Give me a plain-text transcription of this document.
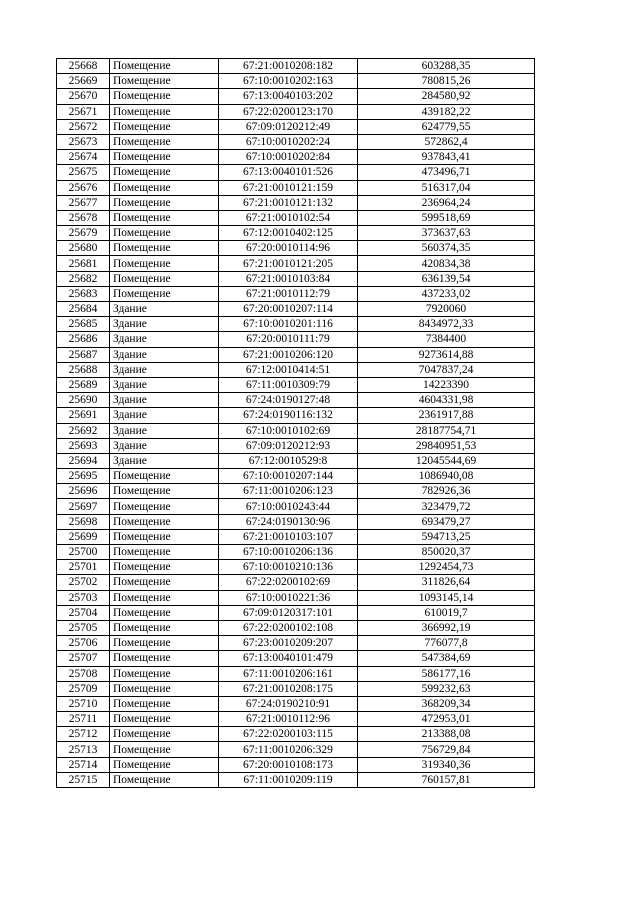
25668	Помещение	67:21:0010208:182	603288,35
25669	Помещение	67:10:0010202:163	780815,26
25670	Помещение	67:13:0040103:202	284580,92
25671	Помещение	67:22:0200123:170	439182,22
25672	Помещение	67:09:0120212:49	624779,55
25673	Помещение	67:10:0010202:24	572862,4
25674	Помещение	67:10:0010202:84	937843,41
25675	Помещение	67:13:0040101:526	473496,71
25676	Помещение	67:21:0010121:159	516317,04
25677	Помещение	67:21:0010121:132	236964,24
25678	Помещение	67:21:0010102:54	599518,69
25679	Помещение	67:12:0010402:125	373637,63
25680	Помещение	67:20:0010114:96	560374,35
25681	Помещение	67:21:0010121:205	420834,38
25682	Помещение	67:21:0010103:84	636139,54
25683	Помещение	67:21:0010112:79	437233,02
25684	Здание	67:20:0010207:114	7920060
25685	Здание	67:10:0010201:116	8434972,33
25686	Здание	67:20:0010111:79	7384400
25687	Здание	67:21:0010206:120	9273614,88
25688	Здание	67:12:0010414:51	7047837,24
25689	Здание	67:11:0010309:79	14223390
25690	Здание	67:24:0190127:48	4604331,98
25691	Здание	67:24:0190116:132	2361917,88
25692	Здание	67:10:0010102:69	28187754,71
25693	Здание	67:09:0120212:93	29840951,53
25694	Здание	67:12:0010529:8	12045544,69
25695	Помещение	67:10:0010207:144	1086940,08
25696	Помещение	67:11:0010206:123	782926,36
25697	Помещение	67:10:0010243:44	323479,72
25698	Помещение	67:24:0190130:96	693479,27
25699	Помещение	67:21:0010103:107	594713,25
25700	Помещение	67:10:0010206:136	850020,37
25701	Помещение	67:10:0010210:136	1292454,73
25702	Помещение	67:22:0200102:69	311826,64
25703	Помещение	67:10:0010221:36	1093145,14
25704	Помещение	67:09:0120317:101	610019,7
25705	Помещение	67:22:0200102:108	366992,19
25706	Помещение	67:23:0010209:207	776077,8
25707	Помещение	67:13:0040101:479	547384,69
25708	Помещение	67:11:0010206:161	586177,16
25709	Помещение	67:21:0010208:175	599232,63
25710	Помещение	67:24:0190210:91	368209,34
25711	Помещение	67:21:0010112:96	472953,01
25712	Помещение	67:22:0200103:115	213388,08
25713	Помещение	67:11:0010206:329	756729,84
25714	Помещение	67:20:0010108:173	319340,36
25715	Помещение	67:11:0010209:119	760157,81
